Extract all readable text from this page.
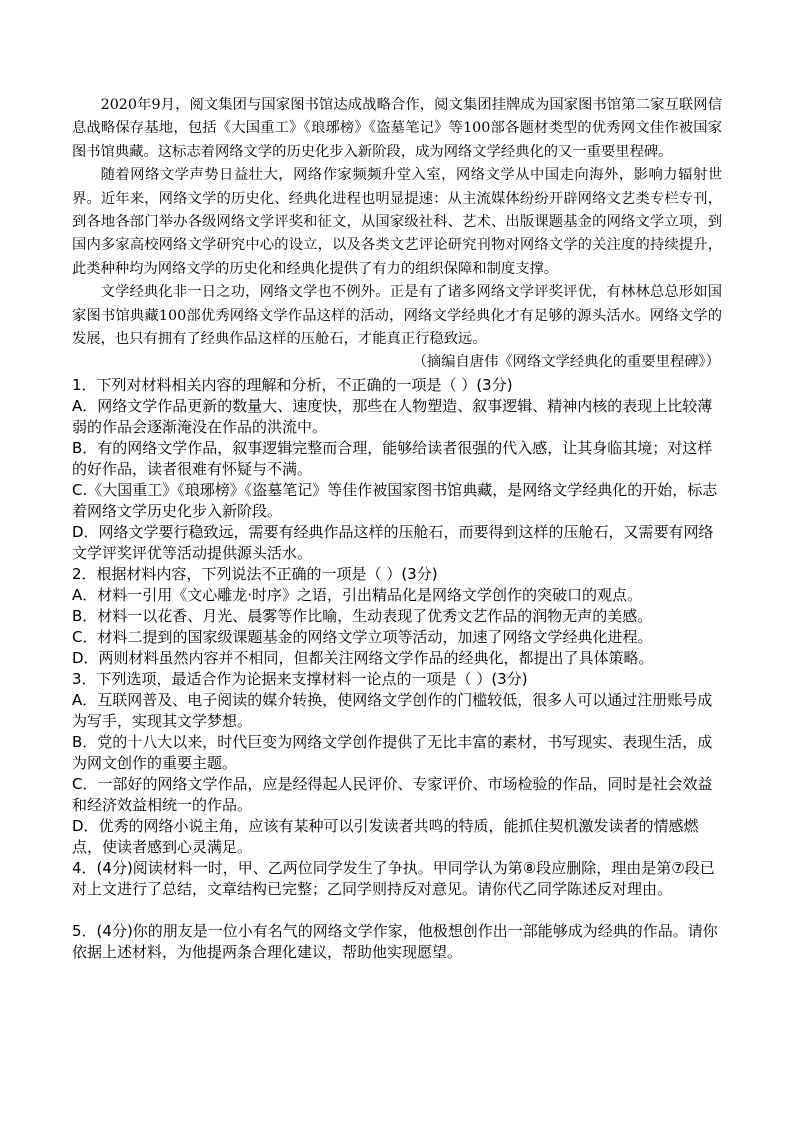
2020年9月，阅文集团与国家图书馆达成战略合作，阅文集团挂牌成为国家图书馆第二家互联网信息战略保存基地，包括《大国重工》《琅琊榜》《盗墓笔记》等100部各题材类型的优秀网文佳作被国家图书馆典藏。这标志着网络文学的历史化步入新阶段，成为网络文学经典化的又一重要里程碑。

随着网络文学声势日益壮大，网络作家频频升堂入室，网络文学从中国走向海外，影响力辐射世界。近年来，网络文学的历史化、经典化进程也明显提速：从主流媒体纷纷开辟网络文艺类专栏专刊，到各地各部门举办各级网络文学评奖和征文，从国家级社科、艺术、出版课题基金的网络文学立项，到国内多家高校网络文学研究中心的设立，以及各类文艺评论研究刊物对网络文学的关注度的持续提升，此类种种均为网络文学的历史化和经典化提供了有力的组织保障和制度支撑。

文学经典化非一日之功，网络文学也不例外。正是有了诸多网络文学评奖评优，有林林总总形如国家图书馆典藏100部优秀网络文学作品这样的活动，网络文学经典化才有足够的源头活水。网络文学的发展，也只有拥有了经典作品这样的压舱石，才能真正行稳致远。

（摘编自唐伟《网络文学经典化的重要里程碑》）

1．下列对材料相关内容的理解和分析，不正确的一项是（ ）(3分)

A．网络文学作品更新的数量大、速度快，那些在人物塑造、叙事逻辑、精神内核的表现上比较薄弱的作品会逐渐淹没在作品的洪流中。

B．有的网络文学作品，叙事逻辑完整而合理，能够给读者很强的代入感，让其身临其境；对这样的好作品，读者很难有怀疑与不满。

C.《大国重工》《琅琊榜》《盗墓笔记》等佳作被国家图书馆典藏，是网络文学经典化的开始，标志着网络文学历史化步入新阶段。

D．网络文学要行稳致远，需要有经典作品这样的压舱石，而要得到这样的压舱石，又需要有网络文学评奖评优等活动提供源头活水。

2．根据材料内容，下列说法不正确的一项是（ ）(3分)

A．材料一引用《文心雕龙·时序》之语，引出精品化是网络文学创作的突破口的观点。

B．材料一以花香、月光、晨雾等作比喻，生动表现了优秀文艺作品的润物无声的美感。

C．材料二提到的国家级课题基金的网络文学立项等活动，加速了网络文学经典化进程。

D．两则材料虽然内容并不相同，但都关注网络文学作品的经典化，都提出了具体策略。

3．下列选项，最适合作为论据来支撑材料一论点的一项是（ ）(3分)

A．互联网普及、电子阅读的媒介转换，使网络文学创作的门槛较低，很多人可以通过注册账号成为写手，实现其文学梦想。

B．党的十八大以来，时代巨变为网络文学创作提供了无比丰富的素材，书写现实、表现生活，成为网文创作的重要主题。

C．一部好的网络文学作品，应是经得起人民评价、专家评价、市场检验的作品，同时是社会效益和经济效益相统一的作品。

D．优秀的网络小说主角，应该有某种可以引发读者共鸣的特质，能抓住契机激发读者的情感燃点，使读者感到心灵满足。

4．(4分)阅读材料一时，甲、乙两位同学发生了争执。甲同学认为第⑧段应删除，理由是第⑦段已对上文进行了总结，文章结构已完整；乙同学则持反对意见。请你代乙同学陈述反对理由。

5．(4分)你的朋友是一位小有名气的网络文学作家，他极想创作出一部能够成为经典的作品。请你依据上述材料，为他提两条合理化建议，帮助他实现愿望。
